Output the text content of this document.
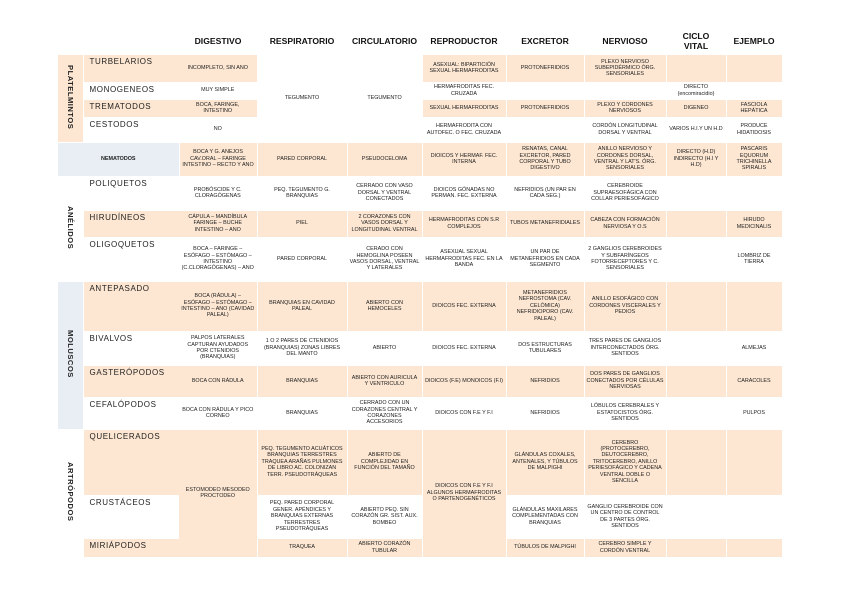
		DIGESTIVO	RESPIRATORIO	CIRCULATORIO	REPRODUCTOR	EXCRETOR	NERVIOSO	CICLO VITAL	EJEMPLO
PLATELMINTOS	TURBELARIOS	INCOMPLETO, SIN ANO	TEGUMENTO	TEGUMENTO	ASEXUAL: BIPARTICIÓN SEXUAL HERMAFRODITAS	PROTONEFRIDIOS	PLEXO NERVIOSO SUBEPIDÉRMICO ÓRG. SENSORIALES		
	MONOGENEOS	MUY SIMPLE			HERMAFRODITAS FEC. CRUZADA			DIRECTO (encomiracidio)	
	TREMATODOS	BOCA, FARINGE, INTESTINO			SEXUAL HERMAFRODITAS	PROTONEFRIDIOS	PLEXO Y CORDONES NERVIOSOS	DIGENEO	FASCIOLA HEPÁTICA
	CESTODOS	NO			HERMAFRODITA CON AUTOFEC. O FEC. CRUZADA		CORDÓN LONGITUDINAL DORSAL Y VENTRAL	VARIOS H.I.Y UN H.D	PRODUCE HIDATIDOSIS
NEMATODOS		BOCA Y G. ANEJOS CAV.ORAL – FARINGE INTESTINO – RECTO Y ANO	PARED CORPORAL	PSEUDOCELOMA	DIOICOS Y HERMAF. FEC. INTERNA	RENATAS, CANAL EXCRETOR, PARED CORPORAL Y TUBO DIGESTIVO	ANILLO NERVIOSO Y CORDONES DORSAL, VENTRAL Y LAT'S. ÓRG. SENSORIALES	DIRECTO (H.D) INDIRECTO (H.I Y H.D)	PASCARIS EQUORUM TRICHINELLA SPIRALIS
ANÉLIDOS	POLIQUETOS	PROBÓSCIDE Y C. CLORAGÓGENAS	PEQ. TEGUMENTO G. BRANQUIAS	CERRADO CON VASO DORSAL Y VENTRAL CONECTADOS	DIOICOS GÓNADAS NO PERMAN. FEC. EXTERNA	NEFRIDIOS (UN PAR EN CADA SEG.)	CEREBROIDE SUPRAESOFÁGICA CON COLLAR PERIESOFÁGICO		
	HIRUDÍNEOS	CÁPULA – MANDÍBULA FARINGE – BUCHE INTESTINO – ANO	PIEL	2 CORAZONES CON VASOS DORSAL Y LONGITUDINAL VENTRAL	HERMAFRODITAS CON S.R COMPLEJOS	TUBOS METANEFRIDIALES	CABEZA CON FORMACIÓN NERVIOSA Y O.S		HIRUDO MEDICINALIS
	OLIGOQUETOS	BOCA – FARINGE – ESÓFAGO – ESTÓMAGO – INTESTINO (C.CLORAGÓGENAS) – ANO	PARED CORPORAL	CERADO CON HEMOGLINA POSEEN VASOS DORSAL, VENTRAL Y LATERALES	ASEXUAL SEXUAL HERMAFRODITAS FEC. EN LA BANDA	UN PAR DE METANEFRIDIOS EN CADA SEGMENTO	2 GANGLIOS CEREBROIDES Y SUBFARÍNGEOS FOTORRECEPTORES Y C. SENSORIALES		LOMBRIZ DE TIERRA
MOLUSCOS	ANTEPASADO	BOCA (RÁDULA) – ESÓFAGO – ESTÓMAGO – INTESTINO – ANO (CAVIDAD PALEAL)	BRANQUIAS EN CAVIDAD PALEAL	ABIERTO CON HEMOCELES	DIOICOS FEC. EXTERNA	METANEFRIDIOS NEFROSTOMA (CAV. CELÓMICA) NEFRIDIOPORO (CAV. PALEAL)	ANILLO ESOFÁGICO CON CORDONES VISCERALES Y PEDIOS		
	BIVALVOS	PALPOS LATERALES CAPTURAN AYUDADOS POR CTENIDIOS (BRANQUIAS)	1 O 2 PARES DE CTENIDIOS (BRANQUIAS) ZONAS LIBRES DEL MANTO	ABIERTO	DIOICOS FEC. EXTERNA	DOS ESTRUCTURAS TUBULARES	TRES PARES DE GANGLIOS INTERCONECTADOS ÓRG. SENTIDOS		ALMEJAS
	GASTERÓPODOS	BOCA CON RÁDULA	BRANQUIAS	ABIERTO CON AURICULA Y VENTRICULO	DIOICOS (F.E) MONOICOS (F.I)	NEFRIDIOS	DOS PARES DE GANGLIOS CONECTADOS POR CÉLULAS NERVIOSAS		CARACOLES
	CEFALÓPODOS	BOCA CON RÁDULA Y PICO CORNEO	BRANQUIAS	CERRADO CON UN CORAZONES CENTRAL Y CORAZONES ACCESORIOS	DIOICOS CON F.E Y F.I	NEFRIDIOS	LÓBULOS CEREBRALES Y ESTATOCISTOS ÓRG. SENTIDOS		PULPOS
ARTRÓPODOS	QUELICERADOS	ESTOMODEO MESODEO PROCTODEO	PEQ. TEGUMENTO ACUÁTICOS BRANQUIAS TERRESTRES TRAQUEA ARAÑAS PULMONES DE LIBRO AC. COLONIZAN TERR. PSEUDOTRÁQUEAS	ABIERTO DE COMPLEJIDAD EN FUNCIÓN DEL TAMAÑO	DIOICOS CON F.E Y F.I ALGUNOS HERMAFRODITAS O PARTENOGENÉTICOS	GLÁNDULAS COXALES, ANTENALES, Y TÚBULOS DE MALPIGHI	CEREBRO (PROTOCEREBRO, DEUTOCEREBRO, TRITOCEREBRO, ANILLO PERIESOFÁGICO Y CADENA VENTRAL DOBLE O SENCILLA		
	CRUSTÁCEOS		PEQ. PARED CORPORAL GENER. APÉNDICES Y BRANQUIAS EXTERNAS TERRESTRES PSEUDOTRÁQUEAS	ABIERTO PEQ. SIN CORAZÓN GR. SIST. AUX. BOMBEO		GLÁNDULAS MAXILARES COMPLEMENTADAS CON BRANQUIAS	GANGLIO CEREBROIDE CON UN CENTRO DE CONTROL DE 3 PARTES ÓRG. SENTIDOS		
	MIRIÁPODOS		TRAQUEA	ABIERTO CORAZÓN TUBULAR		TÚBULOS DE MALPIGHI	CEREBRO SIMPLE Y CORDÓN VENTRAL		
